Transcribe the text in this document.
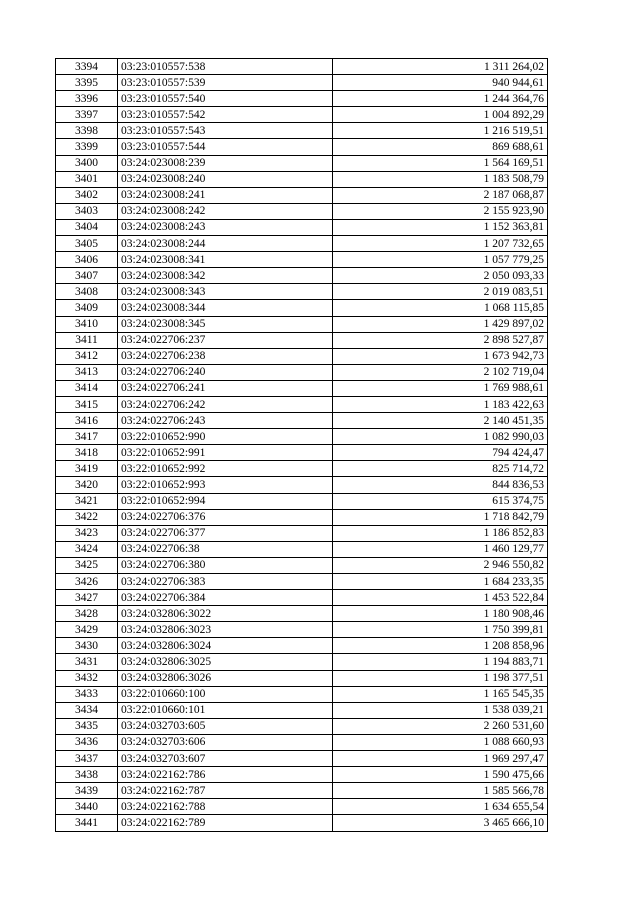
3394	03:23:010557:538	1 311 264,02
3395	03:23:010557:539	940 944,61
3396	03:23:010557:540	1 244 364,76
3397	03:23:010557:542	1 004 892,29
3398	03:23:010557:543	1 216 519,51
3399	03:23:010557:544	869 688,61
3400	03:24:023008:239	1 564 169,51
3401	03:24:023008:240	1 183 508,79
3402	03:24:023008:241	2 187 068,87
3403	03:24:023008:242	2 155 923,90
3404	03:24:023008:243	1 152 363,81
3405	03:24:023008:244	1 207 732,65
3406	03:24:023008:341	1 057 779,25
3407	03:24:023008:342	2 050 093,33
3408	03:24:023008:343	2 019 083,51
3409	03:24:023008:344	1 068 115,85
3410	03:24:023008:345	1 429 897,02
3411	03:24:022706:237	2 898 527,87
3412	03:24:022706:238	1 673 942,73
3413	03:24:022706:240	2 102 719,04
3414	03:24:022706:241	1 769 988,61
3415	03:24:022706:242	1 183 422,63
3416	03:24:022706:243	2 140 451,35
3417	03:22:010652:990	1 082 990,03
3418	03:22:010652:991	794 424,47
3419	03:22:010652:992	825 714,72
3420	03:22:010652:993	844 836,53
3421	03:22:010652:994	615 374,75
3422	03:24:022706:376	1 718 842,79
3423	03:24:022706:377	1 186 852,83
3424	03:24:022706:38	1 460 129,77
3425	03:24:022706:380	2 946 550,82
3426	03:24:022706:383	1 684 233,35
3427	03:24:022706:384	1 453 522,84
3428	03:24:032806:3022	1 180 908,46
3429	03:24:032806:3023	1 750 399,81
3430	03:24:032806:3024	1 208 858,96
3431	03:24:032806:3025	1 194 883,71
3432	03:24:032806:3026	1 198 377,51
3433	03:22:010660:100	1 165 545,35
3434	03:22:010660:101	1 538 039,21
3435	03:24:032703:605	2 260 531,60
3436	03:24:032703:606	1 088 660,93
3437	03:24:032703:607	1 969 297,47
3438	03:24:022162:786	1 590 475,66
3439	03:24:022162:787	1 585 566,78
3440	03:24:022162:788	1 634 655,54
3441	03:24:022162:789	3 465 666,10
